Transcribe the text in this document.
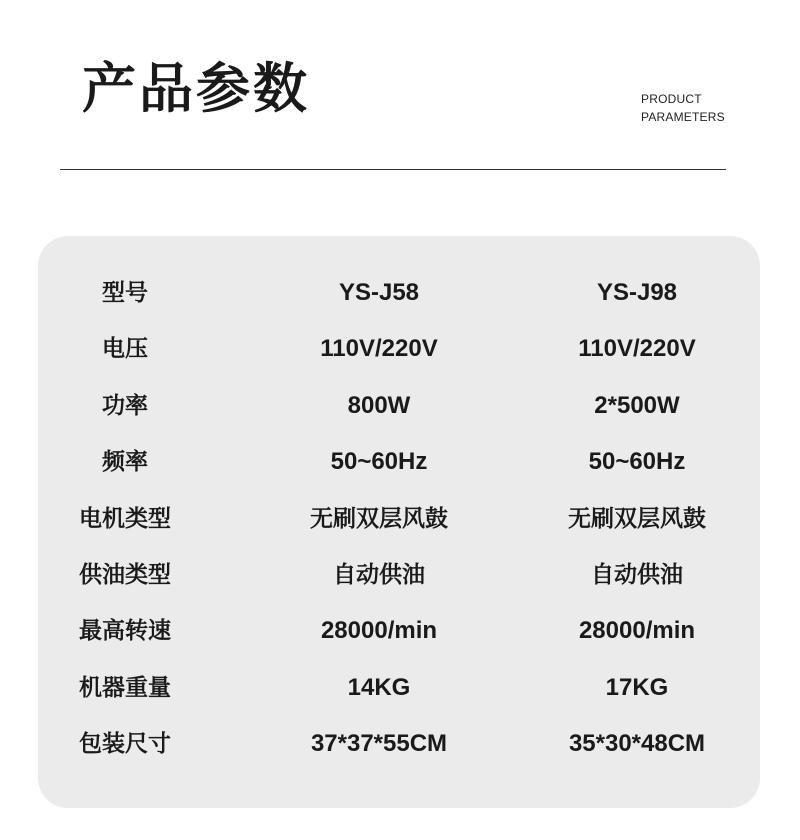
产品参数	PRODUCT
PARAMETERS
型号	YS-J58	YS-J98
电压	110V/220V	110V/220V
功率	800W	2*500W
频率	50~60Hz	50~60Hz
电机类型	无刷双层风鼓	无刷双层风鼓
供油类型	自动供油	自动供油
最高转速	28000/min	28000/min
机器重量	14KG	17KG
包装尺寸	37*37*55CM	35*30*48CM
